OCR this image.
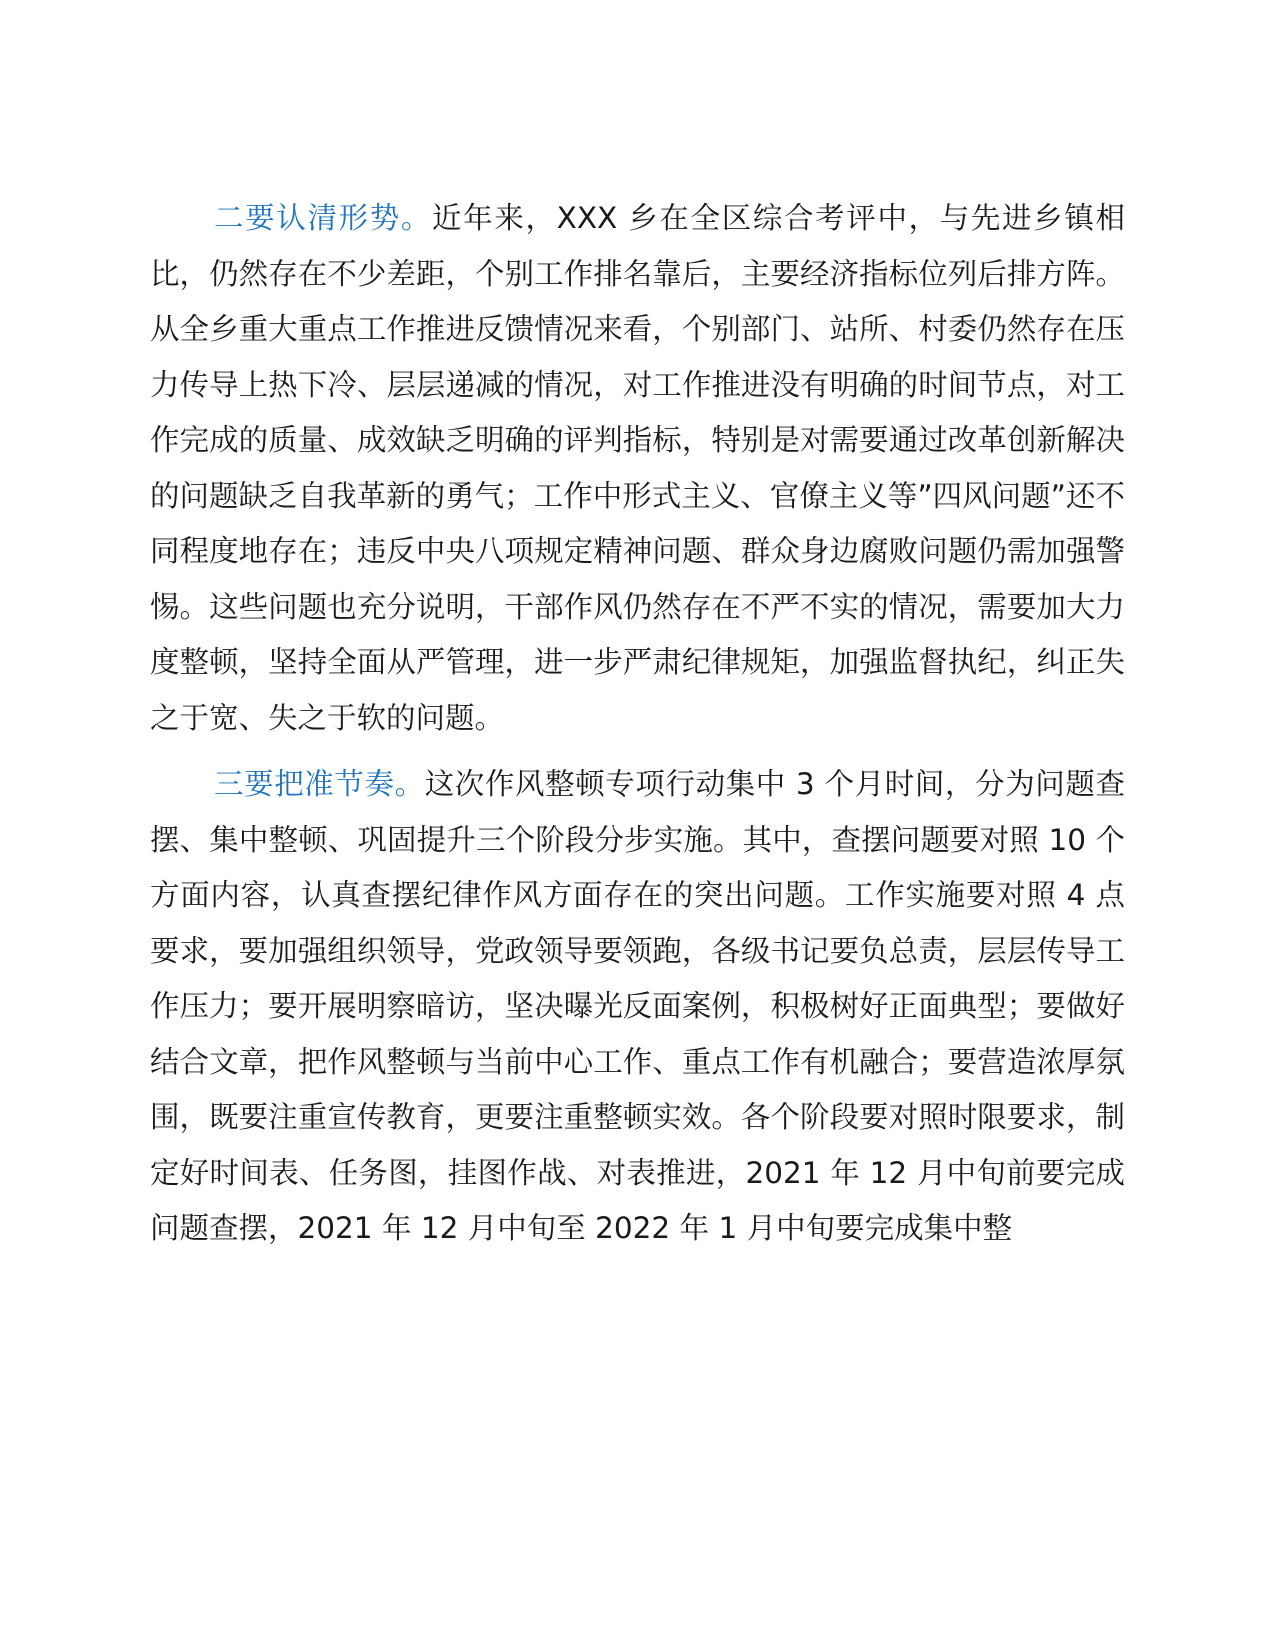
二要认清形势。近年来，XXX 乡在全区综合考评中，与先进乡镇相比，仍然存在不少差距，个别工作排名靠后，主要经济指标位列后排方阵。从全乡重大重点工作推进反馈情况来看，个别部门、站所、村委仍然存在压力传导上热下冷、层层递减的情况，对工作推进没有明确的时间节点，对工作完成的质量、成效缺乏明确的评判指标，特别是对需要通过改革创新解决的问题缺乏自我革新的勇气；工作中形式主义、官僚主义等”四风问题”还不同程度地存在；违反中央八项规定精神问题、群众身边腐败问题仍需加强警惕。这些问题也充分说明，干部作风仍然存在不严不实的情况，需要加大力度整顿，坚持全面从严管理，进一步严肃纪律规矩，加强监督执纪，纠正失之于宽、失之于软的问题。

三要把准节奏。这次作风整顿专项行动集中 3 个月时间，分为问题查摆、集中整顿、巩固提升三个阶段分步实施。其中，查摆问题要对照 10 个方面内容，认真查摆纪律作风方面存在的突出问题。工作实施要对照 4 点要求，要加强组织领导，党政领导要领跑，各级书记要负总责，层层传导工作压力；要开展明察暗访，坚决曝光反面案例，积极树好正面典型；要做好结合文章，把作风整顿与当前中心工作、重点工作有机融合；要营造浓厚氛围，既要注重宣传教育，更要注重整顿实效。各个阶段要对照时限要求，制定好时间表、任务图，挂图作战、对表推进，2021 年 12 月中旬前要完成问题查摆，2021 年 12 月中旬至 2022 年 1 月中旬要完成集中整
